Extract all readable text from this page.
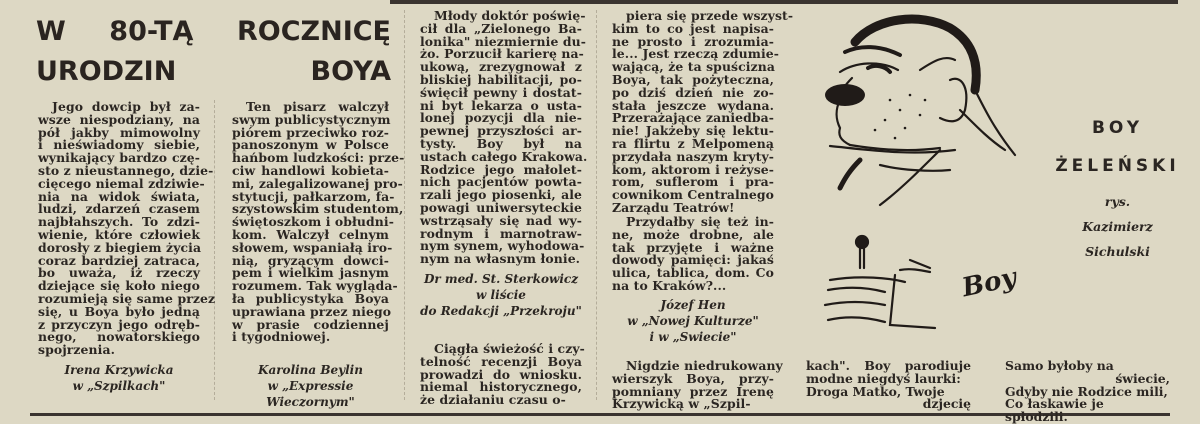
W 80-TĄ ROCZNICĘ
URODZIN BOYA
Jego dowcip był za-
wsze niespodziany, na
pół jakby mimowolny
i nieświadomy siebie,
wynikający bardzo czę-
sto z nieustannego, dzie-
cięcego niemal zdziwie-
nia na widok świata,
ludzi, zdarzeń czasem
najbłahszych. To zdzi-
wienie, które człowiek
dorosły z biegiem życia
coraz bardziej zatraca,
bo uważa, iż rzeczy
dziejące się koło niego
rozumieją się same przez
się, u Boya było jedną
z przyczyn jego odręb-
nego, nowatorskiego
spojrzenia.
Irena Krzywicka
w „Szpilkach"
Ten pisarz walczył
swym publicystycznym
piórem przeciwko roz-
panoszonym w Polsce
hańbom ludzkości: prze-
ciw handlowi kobietа-
mi, zalegalizowanej pro-
stytucji, pałkarzom, fa-
szystowskim studentom,
świętoszkom i obłudni-
kom. Walczył celnym
słowem, wspaniałą iro-
nią, gryzącym dowci-
pem i wielkim jasnym
rozumem. Tak wygląda-
ła publicystyka Boya
uprawiana przez niego
w prasie codziennej
i tygodniowej.
Karolina Beylin
w „Expressie
Wieczornym"
Młody doktór poświę-
cił dla „Zielonego Ba-
lonika" niezmiernie du-
żo. Porzucił karierę na-
ukową, zrezygnował z
bliskiej habilitacji, po-
święcił pewny i dostat-
ni byt lekarza o usta-
lonej pozycji dla nie-
pewnej przyszłości ar-
tysty. Boy był na
ustach całego Krakowa.
Rodzice jego małolet-
nich pacjentów powta-
rzali jego piosenki, ale
powagi uniwersyteckie
wstrząsały się nad wy-
rodnym i marnotraw-
nym synem, wyhodowa-
nym na własnym łonie.
Ciągła świeżość i czy-
telność recenzji Boya
prowadzi do wniosku.
niemal historycznego,
że działaniu czasu o-
Dr med. St. Sterkowicz
w liście
do Redakcji „Przekroju"
piera się przede wszyst-
kim to co jest napisa-
ne prosto i zrozumia-
le... Jest rzeczą zdumie-
wającą, że ta spuścizna
Boya, tak pożyteczna,
po dziś dzień nie zo-
stała jeszcze wydana.
Przerażające zaniedba-
nie! Jakżeby się lektu-
ra flirtu z Melpomeną
przydała naszym kryty-
kom, aktorom i reżyse-
rom, suflerom i pra-
cownikom Centralnego
Zarządu Teatrów!
Przydałby się też in-
ne, może drobne, ale
tak przyjęte i ważne
dowody pamięci: jakaś
ulica, tablica, dom. Co
na to Kraków?...
Nigdzie niedrukowany
wierszyk Boya, przy-
pomniany przez Irenę
Krzywicką w „Szpil-
Józef Hen
w „Nowej Kulturze"
i w „Swiecie"
kach". Boy parodiuje
modne niegdyś laurki:
Droga Matko, Twoje
dzjecię
Samo byłoby na
świecie,
Gdyby nie Rodzice mili,
Co łaskawie je spłodzili.
Boy
BOY
ŻELEŃSKI
rys.
Kazimierz
Sichulski
